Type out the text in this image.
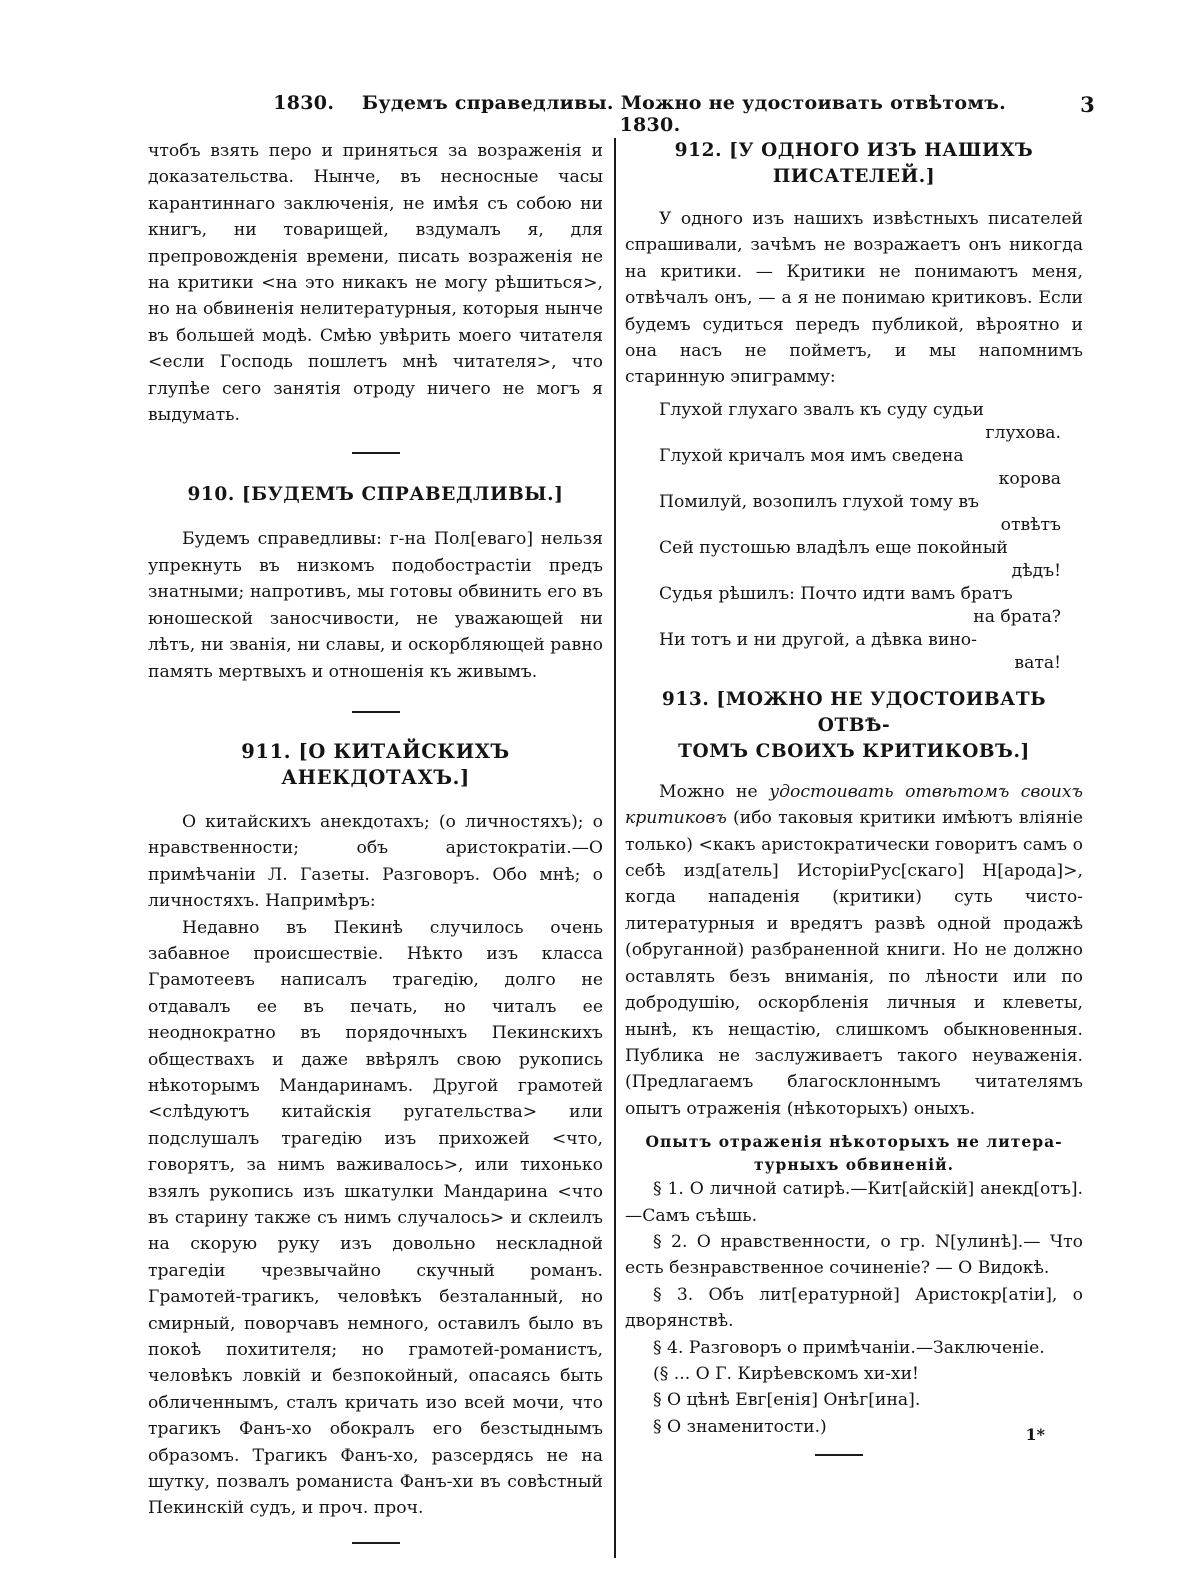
1830. Будемъ справедливы. Можно не удостоивать отвѣтомъ.    1830.
3

чтобъ взять перо и приняться за возраженія и доказательства. Нынче, въ несносные часы карантиннаго заключенія, не имѣя съ собою ни книгъ, ни товарищей, вздумалъ я, для препровожденія времени, писать возраженія не на критики <на это никакъ не могу рѣшиться>, но на обвиненія нелитературныя, которыя нынче въ большей модѣ. Смѣю увѣрить моего читателя <если Господь пошлетъ мнѣ читателя>, что глупѣе сего занятія отроду ничего не могъ я выдумать.

910. [БУДЕМЪ СПРАВЕДЛИВЫ.]

Будемъ справедливы: г-на Пол[еваго] нельзя упрекнуть въ низкомъ подобострастіи предъ знатными; напротивъ, мы готовы обвинить его въ юношеской заносчивости, не уважающей ни лѣтъ, ни званія, ни славы, и оскорбляющей равно память мертвыхъ и отношенія къ живымъ.

911. [О КИТАЙСКИХЪ АНЕКДОТАХЪ.]

О китайскихъ анекдотахъ; (о личностяхъ); о нравственности; объ аристократіи.—О примѣчаніи Л. Газеты. Разговоръ. Обо мнѣ; о личностяхъ. Напримѣръ:

Недавно въ Пекинѣ случилось очень забавное происшествіе. Нѣкто изъ класса Грамотеевъ написалъ трагедію, долго не отдавалъ ее въ печать, но читалъ ее неоднократно въ порядочныхъ Пекинскихъ обществахъ и даже ввѣрялъ свою рукопись нѣкоторымъ Мандаринамъ. Другой грамотей <слѣдуютъ китайскія ругательства> или подслушалъ трагедію изъ прихожей <что, говорятъ, за нимъ важивалось>, или тихонько взялъ рукопись изъ шкатулки Мандарина <что въ старину также съ нимъ случалось> и склеилъ на скорую руку изъ довольно нескладной трагедіи чрезвычайно скучный романъ. Грамотей-трагикъ, человѣкъ безталанный, но смирный, поворчавъ немного, оставилъ было въ покоѣ похитителя; но грамотей-романистъ, человѣкъ ловкій и безпокойный, опасаясь быть обличеннымъ, сталъ кричать изо всей мочи, что трагикъ Фанъ-хо обокралъ его безстыднымъ образомъ. Трагикъ Фанъ-хо, разсердясь не на шутку, позвалъ романиста Фанъ-хи въ совѣстный Пекинскій судъ, и проч. проч.

912. [У ОДНОГО ИЗЪ НАШИХЪ

ПИСАТЕЛЕЙ.]

У одного изъ нашихъ извѣстныхъ писателей спрашивали, зачѣмъ не возражаетъ онъ никогда на критики. — Критики не понимаютъ меня, отвѣчалъ онъ, — а я не понимаю критиковъ. Если будемъ судиться передъ публикой, вѣроятно и она насъ не пойметъ, и мы напомнимъ старинную эпиграмму:

Глухой глухаго звалъ къ суду судьи

глухова.

Глухой кричалъ моя имъ сведена

корова

Помилуй, возопилъ глухой тому въ

отвѣтъ

Сей пустошью владѣлъ еще покойный

дѣдъ!

Судья рѣшилъ: Почто идти вамъ братъ

на брата?

Ни тотъ и ни другой, а дѣвка вино-

вата!

913. [МОЖНО НЕ УДОСТОИВАТЬ ОТВѢ-

ТОМЪ СВОИХЪ КРИТИКОВЪ.]

Можно не удостоивать отвѣтомъ своихъ критиковъ (ибо таковыя критики имѣютъ вліяніе только) <какъ аристократически говоритъ самъ о себѣ изд[атель] ИсторіиРус[скаго] Н[арода]>, когда нападенія (критики) суть чисто-литературныя и вредятъ развѣ одной продажѣ (обруганной) разбраненной книги. Но не должно оставлять безъ вниманія, по лѣности или по добродушію, оскорбленія личныя и клеветы, нынѣ, къ нещастію, слишкомъ обыкновенныя. Публика не заслуживаетъ такого неуваженія. (Предлагаемъ благосклоннымъ читателямъ опытъ отраженія (нѣкоторыхъ) оныхъ.

Опытъ отраженія нѣкоторыхъ не литера-

турныхъ обвиненій.

§ 1. О личной сатирѣ.—Кит[айскій] анекд[отъ].—Самъ съѣшь.

§ 2. О нравственности, о гр. N[улинѣ].— Что есть безнравственное сочиненіе? — О Видокѣ.

§ 3. Объ лит[ературной] Аристокр[атіи], о дворянствѣ.

§ 4. Разговоръ о примѣчаніи.—Заключеніе.

(§ ... О Г. Кирѣевскомъ хи-хи!

§ О цѣнѣ Евг[енія] Онѣг[ина].

§ О знаменитости.)	1*
